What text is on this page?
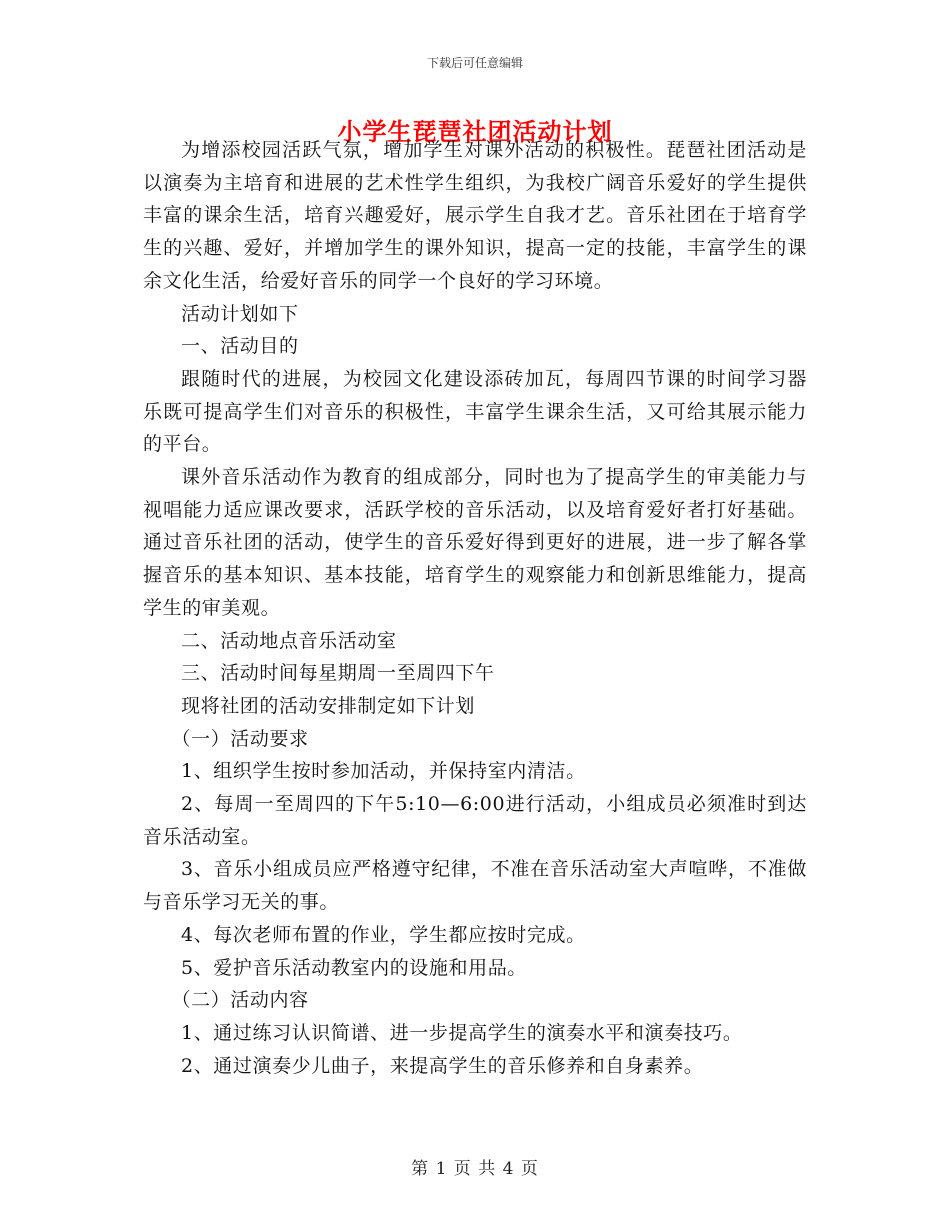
下载后可任意编辑
小学生琵琶社团活动计划

为增添校园活跃气氛，增加学生对课外活动的积极性。琵琶社团活动是以演奏为主培育和进展的艺术性学生组织，为我校广阔音乐爱好的学生提供丰富的课余生活，培育兴趣爱好，展示学生自我才艺。音乐社团在于培育学生的兴趣、爱好，并增加学生的课外知识，提高一定的技能，丰富学生的课余文化生活，给爱好音乐的同学一个良好的学习环境。

活动计划如下

一、活动目的

跟随时代的进展，为校园文化建设添砖加瓦，每周四节课的时间学习器乐既可提高学生们对音乐的积极性，丰富学生课余生活，又可给其展示能力的平台。

课外音乐活动作为教育的组成部分，同时也为了提高学生的审美能力与视唱能力适应课改要求，活跃学校的音乐活动，以及培育爱好者打好基础。通过音乐社团的活动，使学生的音乐爱好得到更好的进展，进一步了解各掌握音乐的基本知识、基本技能，培育学生的观察能力和创新思维能力，提高学生的审美观。

二、活动地点音乐活动室

三、活动时间每星期周一至周四下午

现将社团的活动安排制定如下计划

（一）活动要求

1、组织学生按时参加活动，并保持室内清洁。

2、每周一至周四的下午5:10—6:00进行活动，小组成员必须准时到达音乐活动室。

3、音乐小组成员应严格遵守纪律，不准在音乐活动室大声喧哗，不准做与音乐学习无关的事。

4、每次老师布置的作业，学生都应按时完成。

5、爱护音乐活动教室内的设施和用品。

（二）活动内容

1、通过练习认识简谱、进一步提高学生的演奏水平和演奏技巧。

2、通过演奏少儿曲子，来提高学生的音乐修养和自身素养。

第 1 页 共 4 页
